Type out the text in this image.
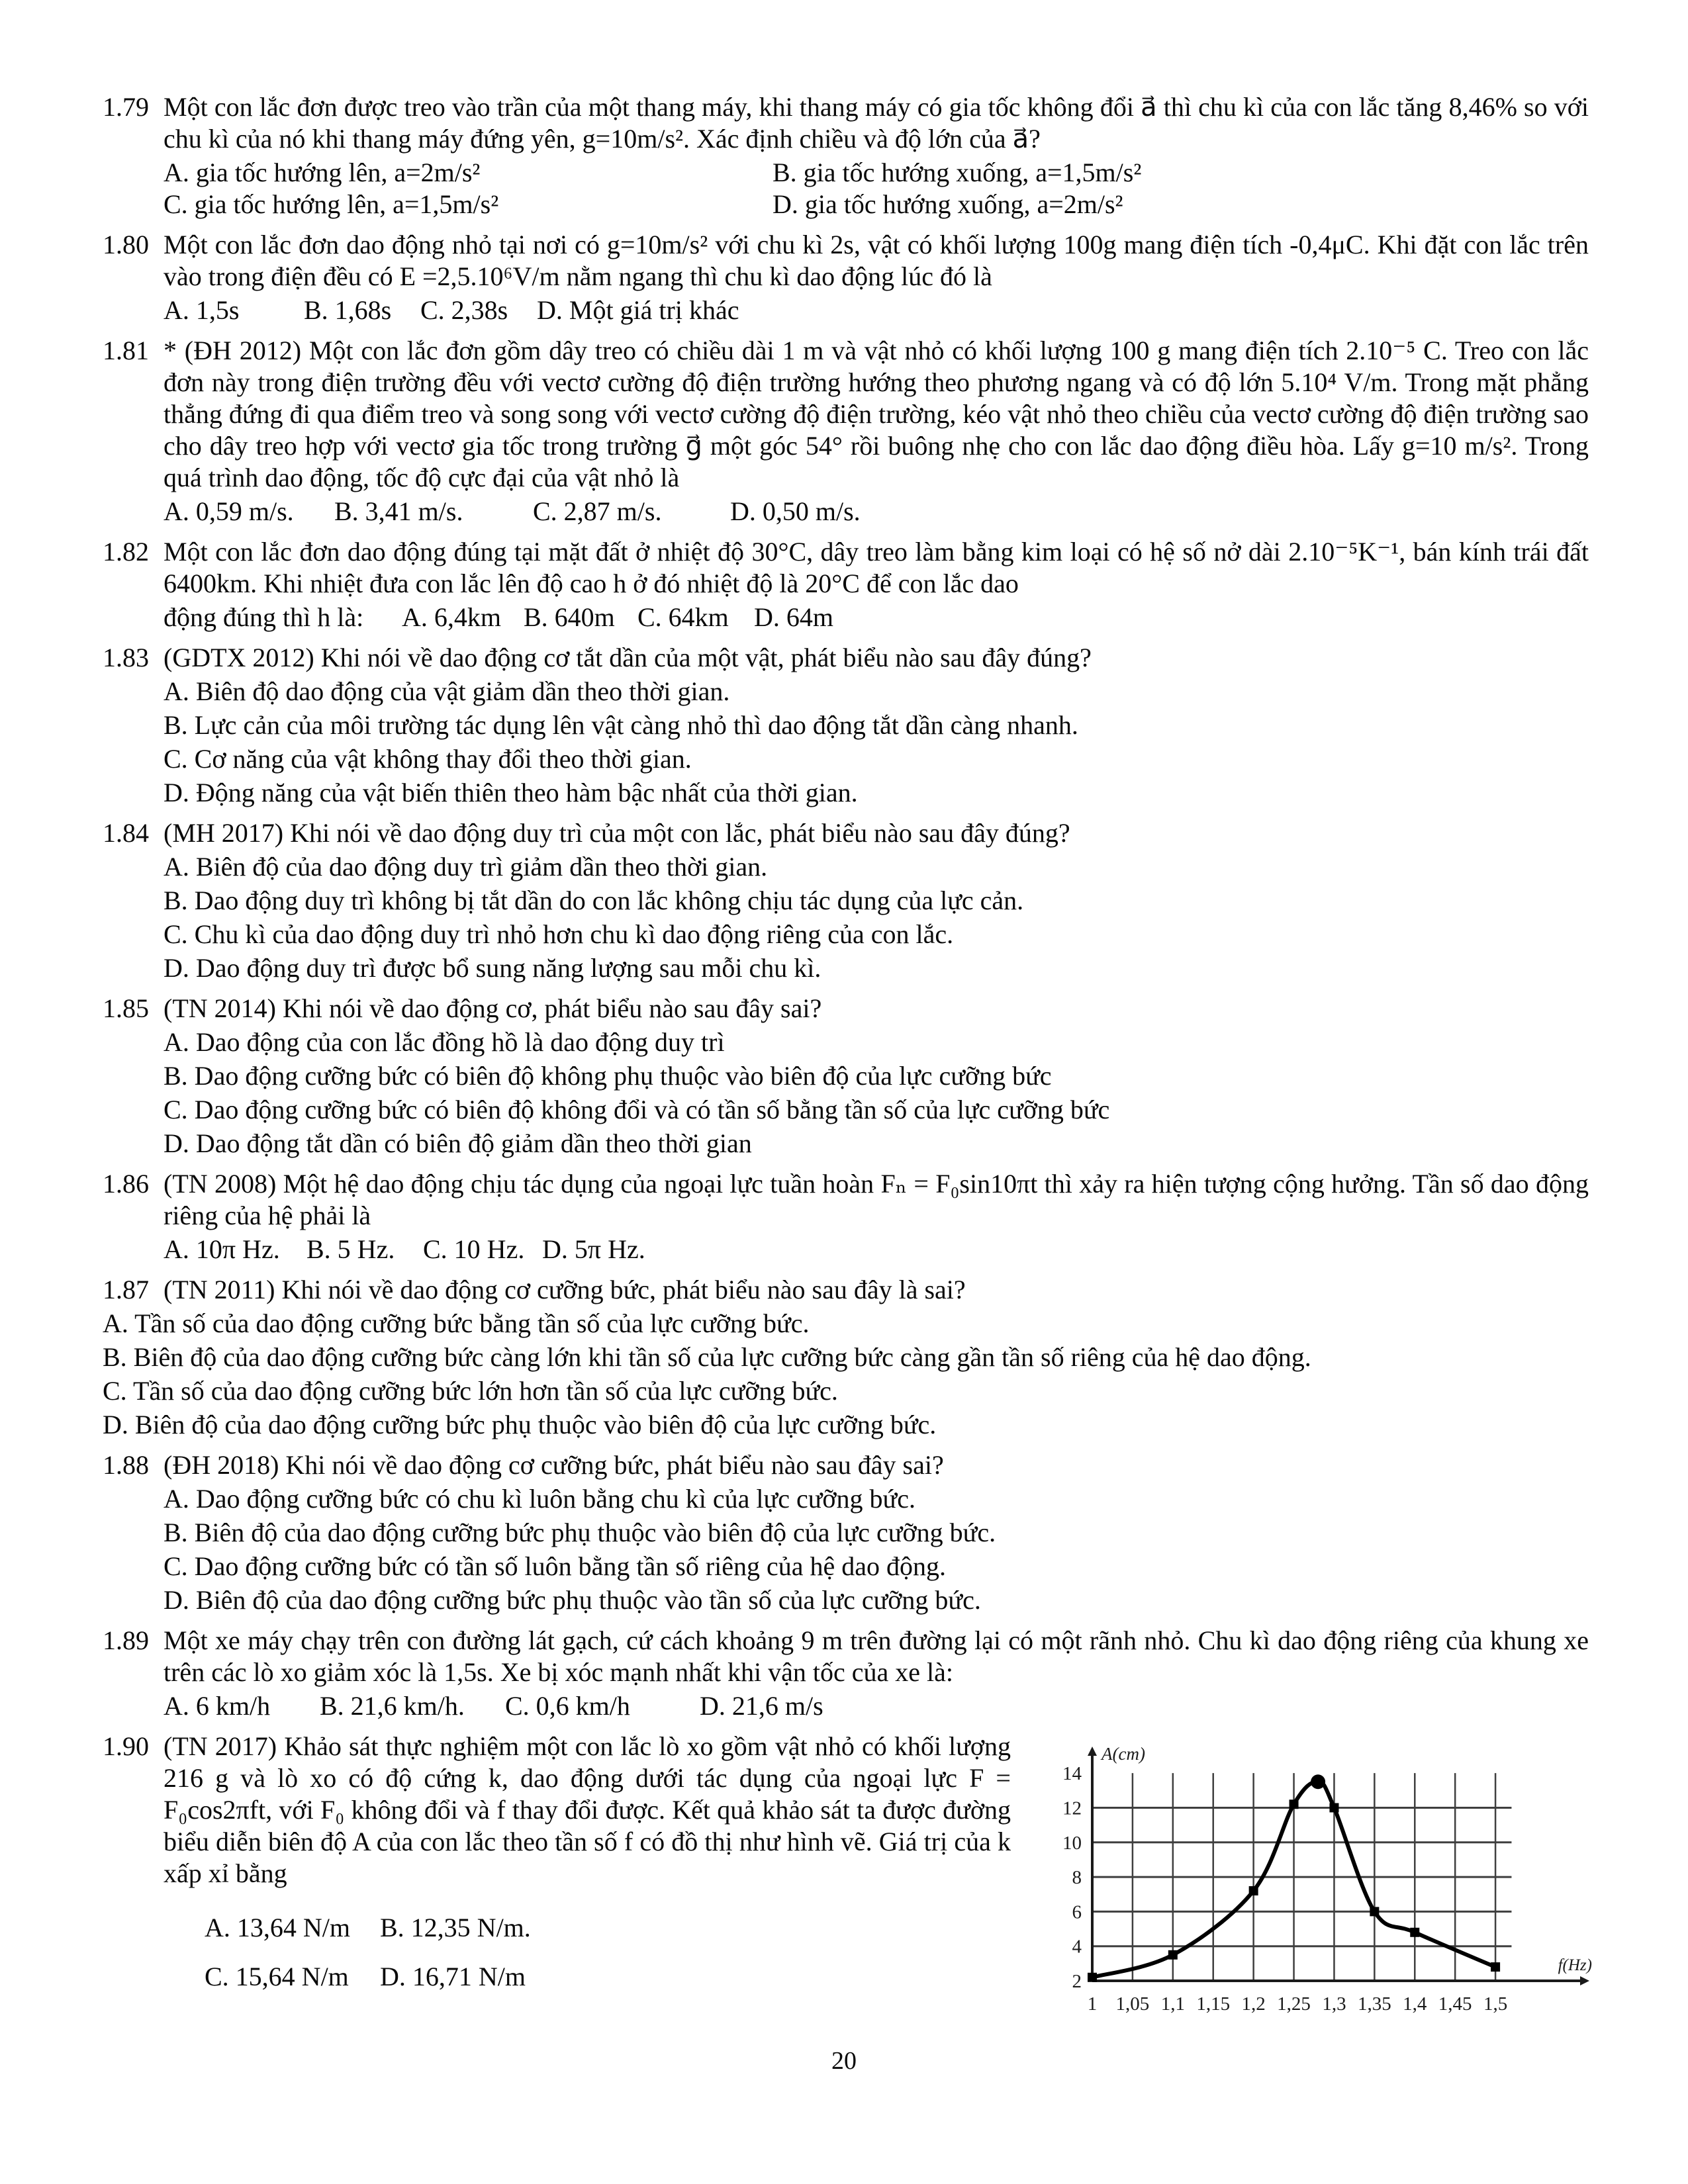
1.79 Một con lắc đơn được treo vào trần của một thang máy, khi thang máy có gia tốc không đổi a⃗ thì chu kì của con lắc tăng 8,46% so với chu kì của nó khi thang máy đứng yên, g=10m/s². Xác định chiều và độ lớn của a⃗?
A. gia tốc hướng lên, a=2m/s²	B. gia tốc hướng xuống, a=1,5m/s²
C. gia tốc hướng lên, a=1,5m/s²	D. gia tốc hướng xuống, a=2m/s²
1.80 Một con lắc đơn dao động nhỏ tại nơi có g=10m/s² với chu kì 2s, vật có khối lượng 100g mang điện tích -0,4μC. Khi đặt con lắc trên vào trong điện đều có E =2,5.10⁶V/m nằm ngang thì chu kì dao động lúc đó là
A. 1,5s	B. 1,68s	C. 2,38s	D. Một giá trị khác
1.81 * (ĐH 2012) Một con lắc đơn gồm dây treo có chiều dài 1 m và vật nhỏ có khối lượng 100 g mang điện tích 2.10⁻⁵ C. Treo con lắc đơn này trong điện trường đều với vectơ cường độ điện trường hướng theo phương ngang và có độ lớn 5.10⁴ V/m. Trong mặt phẳng thẳng đứng đi qua điểm treo và song song với vectơ cường độ điện trường, kéo vật nhỏ theo chiều của vectơ cường độ điện trường sao cho dây treo hợp với vectơ gia tốc trong trường g⃗ một góc 54° rồi buông nhẹ cho con lắc dao động điều hòa. Lấy g=10 m/s². Trong quá trình dao động, tốc độ cực đại của vật nhỏ là
A. 0,59 m/s.	B. 3,41 m/s.	C. 2,87 m/s.	D. 0,50 m/s.
1.82 Một con lắc đơn dao động đúng tại mặt đất ở nhiệt độ 30°C, dây treo làm bằng kim loại có hệ số nở dài 2.10⁻⁵K⁻¹, bán kính trái đất 6400km. Khi nhiệt đưa con lắc lên độ cao h ở đó nhiệt độ là 20°C để con lắc dao
động đúng thì h là:	A. 6,4km B. 640m C. 64km D. 64m
1.83 (GDTX 2012) Khi nói về dao động cơ tắt dần của một vật, phát biểu nào sau đây đúng?
A. Biên độ dao động của vật giảm dần theo thời gian.
B. Lực cản của môi trường tác dụng lên vật càng nhỏ thì dao động tắt dần càng nhanh.
C. Cơ năng của vật không thay đổi theo thời gian.
D. Động năng của vật biến thiên theo hàm bậc nhất của thời gian.
1.84 (MH 2017) Khi nói về dao động duy trì của một con lắc, phát biểu nào sau đây đúng?
A. Biên độ của dao động duy trì giảm dần theo thời gian.
B. Dao động duy trì không bị tắt dần do con lắc không chịu tác dụng của lực cản.
C. Chu kì của dao động duy trì nhỏ hơn chu kì dao động riêng của con lắc.
D. Dao động duy trì được bổ sung năng lượng sau mỗi chu kì.
1.85 (TN 2014) Khi nói về dao động cơ, phát biểu nào sau đây sai?
A. Dao động của con lắc đồng hồ là dao động duy trì
B. Dao động cưỡng bức có biên độ không phụ thuộc vào biên độ của lực cưỡng bức
C. Dao động cưỡng bức có biên độ không đổi và có tần số bằng tần số của lực cưỡng bức
D. Dao động tắt dần có biên độ giảm dần theo thời gian
1.86 (TN 2008) Một hệ dao động chịu tác dụng của ngoại lực tuần hoàn Fₙ = F₀sin10πt thì xảy ra hiện tượng cộng hưởng. Tần số dao động riêng của hệ phải là
A. 10π Hz.	B. 5 Hz.	C. 10 Hz. D. 5π Hz.
1.87 (TN 2011) Khi nói về dao động cơ cưỡng bức, phát biểu nào sau đây là sai?
A. Tần số của dao động cưỡng bức bằng tần số của lực cưỡng bức.
B. Biên độ của dao động cưỡng bức càng lớn khi tần số của lực cưỡng bức càng gần tần số riêng của hệ dao động.
C. Tần số của dao động cưỡng bức lớn hơn tần số của lực cưỡng bức.
D. Biên độ của dao động cưỡng bức phụ thuộc vào biên độ của lực cưỡng bức.
1.88 (ĐH 2018) Khi nói về dao động cơ cưỡng bức, phát biểu nào sau đây sai?
A. Dao động cưỡng bức có chu kì luôn bằng chu kì của lực cưỡng bức.
B. Biên độ của dao động cưỡng bức phụ thuộc vào biên độ của lực cưỡng bức.
C. Dao động cưỡng bức có tần số luôn bằng tần số riêng của hệ dao động.
D. Biên độ của dao động cưỡng bức phụ thuộc vào tần số của lực cưỡng bức.
1.89 Một xe máy chạy trên con đường lát gạch, cứ cách khoảng 9 m trên đường lại có một rãnh nhỏ. Chu kì dao động riêng của khung xe trên các lò xo giảm xóc là 1,5s. Xe bị xóc mạnh nhất khi vận tốc của xe là:
A. 6 km/h	B. 21,6 km/h.	C. 0,6 km/h	D. 21,6 m/s
1.90 (TN 2017) Khảo sát thực nghiệm một con lắc lò xo gồm vật nhỏ có khối lượng 216 g và lò xo có độ cứng k, dao động dưới tác dụng của ngoại lực F = F₀cos2πft, với F₀ không đổi và f thay đổi được. Kết quả khảo sát ta được đường biểu diễn biên độ A của con lắc theo tần số f có đồ thị như hình vẽ. Giá trị của k xấp xỉ bằng
A. 13,64 N/m	B. 12,35 N/m.
C. 15,64 N/m	D. 16,71 N/m
A(cm)
f(Hz)
2
4
6
8
10
12
14
1 1,05 1,1 1,15 1,2 1,25 1,3 1,35 1,4 1,45 1,5
20
